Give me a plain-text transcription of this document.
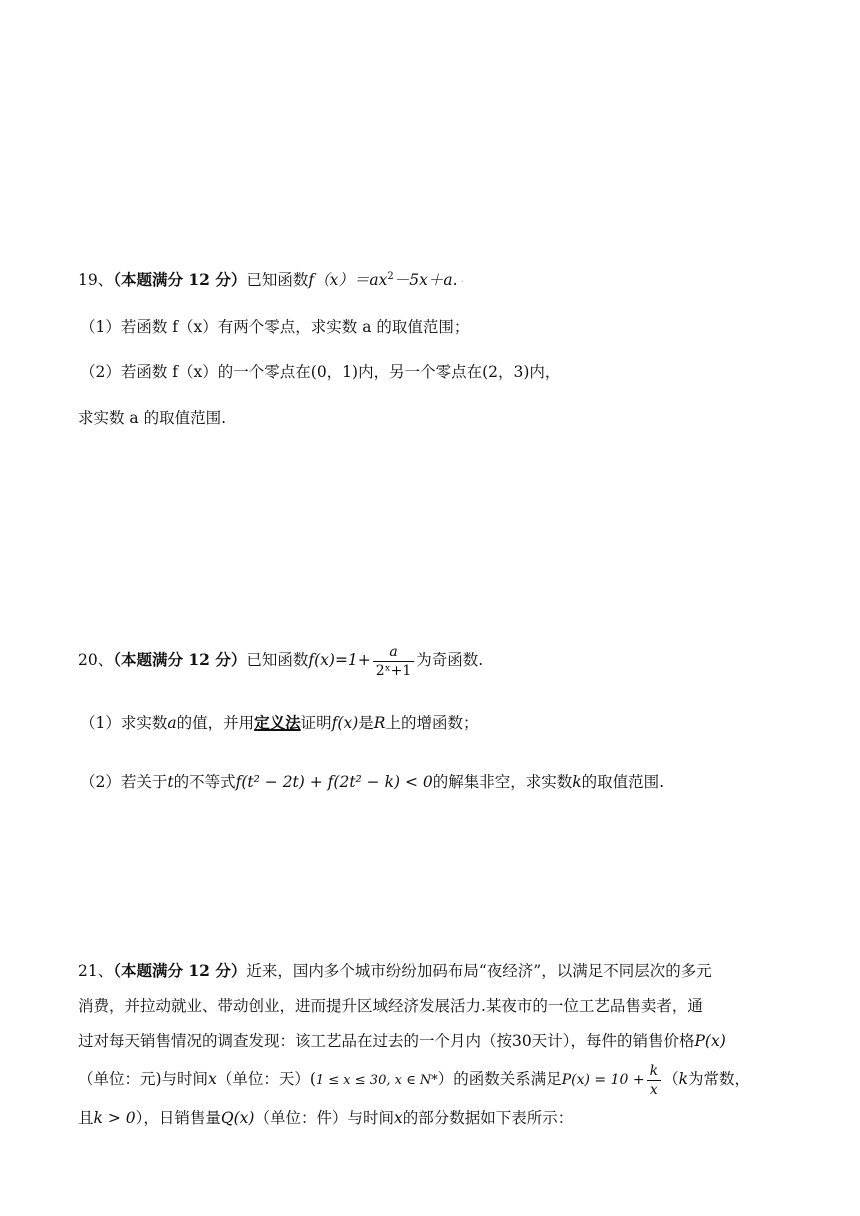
19、（本题满分 12 分）已知函数$f(x)=ax^2-5x+a$. ·
（1）若函数 f（x）有两个零点，求实数 a 的取值范围；
（2）若函数 f（x）的一个零点在(0，1)内，另一个零点在(2，3)内，
求实数 a 的取值范围.
20、（本题满分 12 分）已知函数$f(x)=1+ \frac{a}{\text{2ˣ+1}}$ 为奇函数.
（1）求实数a的值，并用定义法证明f(x)是R上的增函数；
（2）若关于t的不等式f(t² − 2t) + f(2t² − k) < 0的解集非空，求实数k的取值范围.
21、（本题满分 12 分）近来，国内多个城市纷纷加码布局“夜经济”，以满足不同层次的多元
消费，并拉动就业、带动创业，进而提升区域经济发展活力.某夜市的一位工艺品售卖者，通
过对每天销售情况的调查发现：该工艺品在过去的一个月内（按30天计），每件的销售价格P(x)
（单位：元)与时间x（单位：天）(1 ≤ x ≤ 30, x ∈ N*）的函数关系满足$P(x) = 10 + \frac{k}{x} (k$为常数，
且k > 0），日销售量Q(x)（单位：件）与时间x的部分数据如下表所示：
